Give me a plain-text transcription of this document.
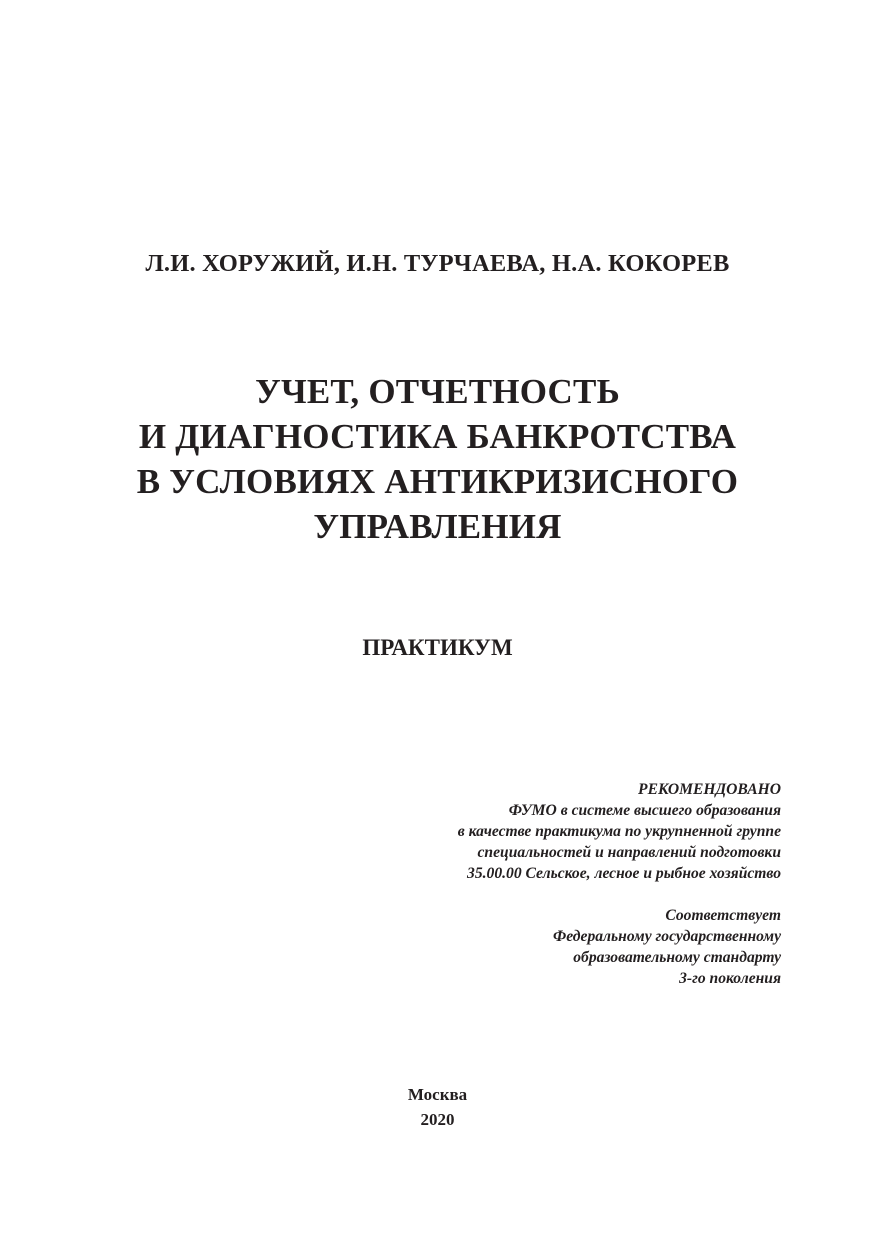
Л.И. ХОРУЖИЙ, И.Н. ТУРЧАЕВА, Н.А. КОКОРЕВ
УЧЕТ, ОТЧЕТНОСТЬ
И ДИАГНОСТИКА БАНКРОТСТВА
В УСЛОВИЯХ АНТИКРИЗИСНОГО
УПРАВЛЕНИЯ
ПРАКТИКУМ
РЕКОМЕНДОВАНО
ФУМО в системе высшего образования
в качестве практикума по укрупненной группе
специальностей и направлений подготовки
35.00.00 Сельское, лесное и рыбное хозяйство
Соответствует
Федеральному государственному
образовательному стандарту
3-го поколения
Москва
2020
